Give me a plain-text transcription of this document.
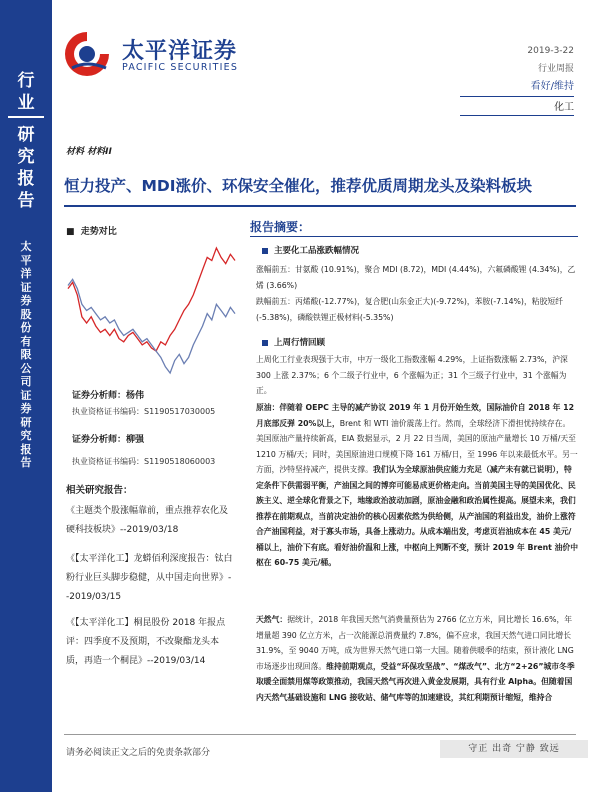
行
业

研
究
报
告
太
平
洋
证
券
股
份
有
限
公
司
证
券
研
究
报
告
太平洋证券
PACIFIC SECURITIES
2019-3-22
行业周报
看好/维持
化工
材料 材料II
恒力投产、MDI涨价、环保安全催化，推荐优质周期龙头及染料板块
■  走势对比
证券分析师：杨伟
执业资格证书编码：S1190517030005
证券分析师：柳强
执业资格证书编码：S1190518060003
相关研究报告：
《主题类个股涨幅靠前，重点推荐农化及硬科技板块》--2019/03/18
《【太平洋化工】龙蟒佰利深度报告：钛白粉行业巨头脚步稳健，从中国走向世界》--2019/03/15
《【太平洋化工】桐昆股份 2018 年报点评：四季度不及预期，不改聚酯龙头本质，再造一个桐昆》--2019/03/14
报告摘要：
主要化工品涨跌幅情况
涨幅前五：甘氨酸 (10.91%)，聚合 MDI (8.72)，MDI (4.44%)，六氟磷酸锂 (4.34%)，乙烯 (3.66%)
跌幅前五：丙烯酸(-12.77%)，复合肥(山东金正大)(-9.72%)，苯胺(-7.14%)，粘胶短纤(-5.38%)，磷酸铁锂正极材料(-5.35%)
上周行情回顾
上周化工行业表现强于大市，中万一级化工指数涨幅 4.29%，上证指数涨幅 2.73%，沪深 300 上涨 2.37%；6 个二级子行业中，6 个涨幅为正；31 个三级子行业中，31 个涨幅为正。
原油：伴随着 OEPC 主导的减产协议 2019 年 1 月份开始生效，国际油价自 2018 年 12 月底部反弹 20%以上，Brent 和 WTI 油价震荡上行。然而，全球经济下滑担忧持续存在。美国原油产量持续新高，EIA 数据显示，2 月 22 日当周，美国的原油产量增长 10 万桶/天至 1210 万桶/天；同时，美国原油进口规模下降 161 万桶/日，至 1996 年以来最低水平。另一方面，沙特坚持减产，提供支撑。我们认为全球原油供应能力充足（减产未有就已说明），特定条件下供需弱平衡，产油国之间的博弈可能易成更价格走向。当前美国主导的美国优化、民族主义、逆全球化背景之下，地缘政治波动加剧，原油金融和政治属性提高。展望未来，我们推荐在前期观点，当前决定油价的核心因素依然为供给侧，从产油国的利益出发，油价上涨符合产油国利益，对于寡头市场，具备上涨动力。从成本端出发，考虑页岩油成本在 45 美元/桶以上，油价下有底。看好油价温和上涨，中枢向上判断不变，预计 2019 年 Brent 油价中枢在 60-75 美元/桶。
天然气：据统计，2018 年我国天然气消费量预估为 2766 亿立方米，同比增长 16.6%，年增量超 390 亿立方米，占一次能源总消费量约 7.8%，偏不应求，我国天然气进口同比增长 31.9%，至 9040 万吨，成为世界天然气进口第一大国。随着供暖季的结束，预计液化 LNG 市场逐步出现回落。维持前期观点，受益“环保攻坚战”、“煤改气”、北方“2+26”城市冬季取暖全面禁用煤等政策推动，我国天然气再次进入黄金发展期，具有行业 Alpha。但随着国内天然气基础设施和 LNG 接收站、储气库等的加速建设，其红利期预计缩短，维持合
请务必阅读正文之后的免责条款部分	守正 出奇 宁静 致远
